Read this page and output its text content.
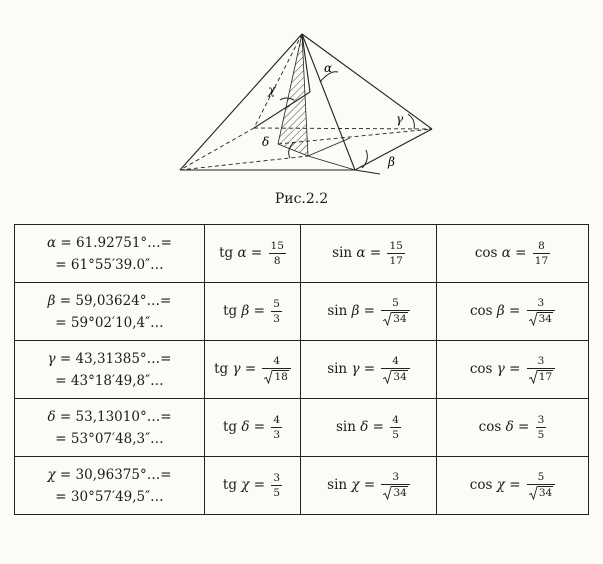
α
γ
χ
δ
β
Рис.2.2
α = 61.92751°…=
= 61°55′39.0″…	tg $\alpha = \frac{15}{8}$	$\sin \alpha = \frac{15}{17}$	$\cos \alpha = \frac{8}{17}$

β = 59,03624°…=
= 59°02′10,4″…	tg $\beta = \frac{5}{3}$	$\sin \beta = \frac{5}{34}$	$\cos \beta = \frac{3}{34}$

γ = 43,31385°…=
= 43°18′49,8″…	tg $\gamma = \frac{4}{18}$	$\sin \gamma = \frac{4}{34}$	$\cos \gamma = \frac{3}{17}$

δ = 53,13010°…=
= 53°07′48,3″…	tg $\delta = \frac{4}{3}$	$\sin \delta = \frac{4}{5}$	$\cos \delta = \frac{3}{5}$

χ = 30,96375°…=
= 30°57′49,5″…	tg $\chi = \frac{3}{5}$	$\sin \chi = \frac{3}{34}$	$\cos \chi = \frac{5}{34}$
